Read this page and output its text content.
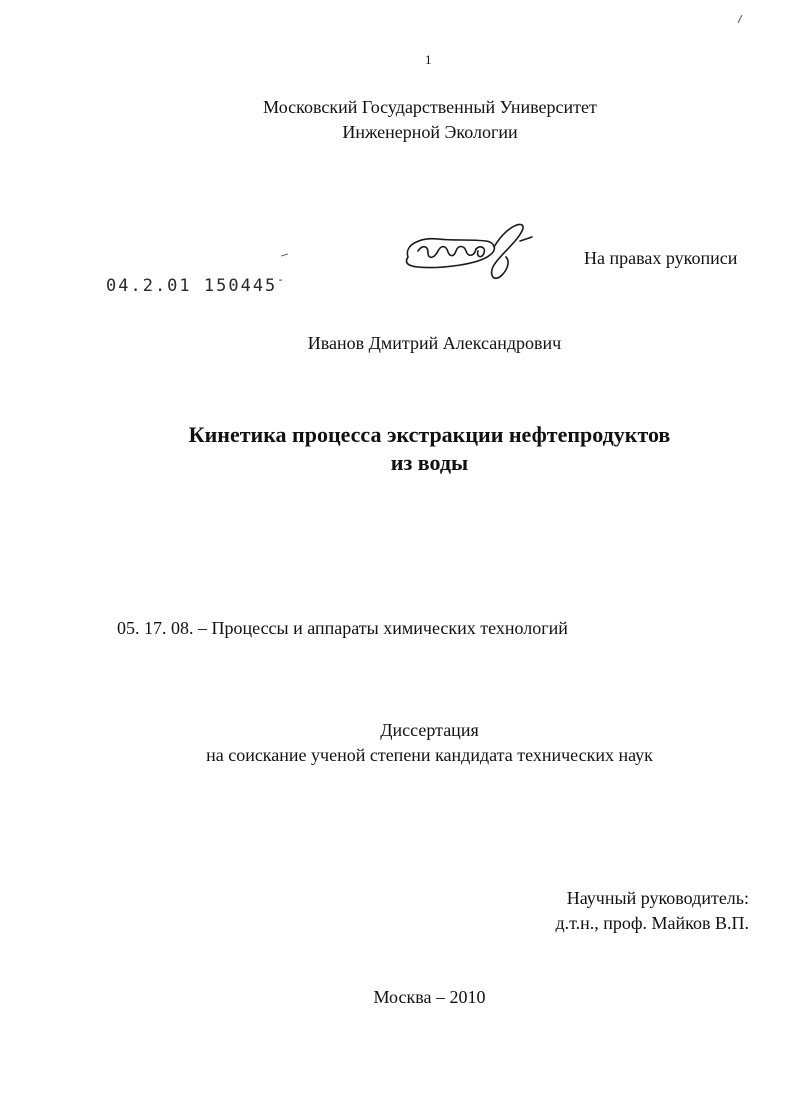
1
Московский Государственный Университет
Инженерной Экологии
На правах рукописи
04.2.01 150445-
Иванов Дмитрий Александрович
Кинетика процесса экстракции нефтепродуктов
из воды
05. 17. 08. – Процессы и аппараты химических технологий
Диссертация
на соискание ученой степени кандидата технических наук
Научный руководитель:
д.т.н., проф. Майков В.П.
Москва – 2010
